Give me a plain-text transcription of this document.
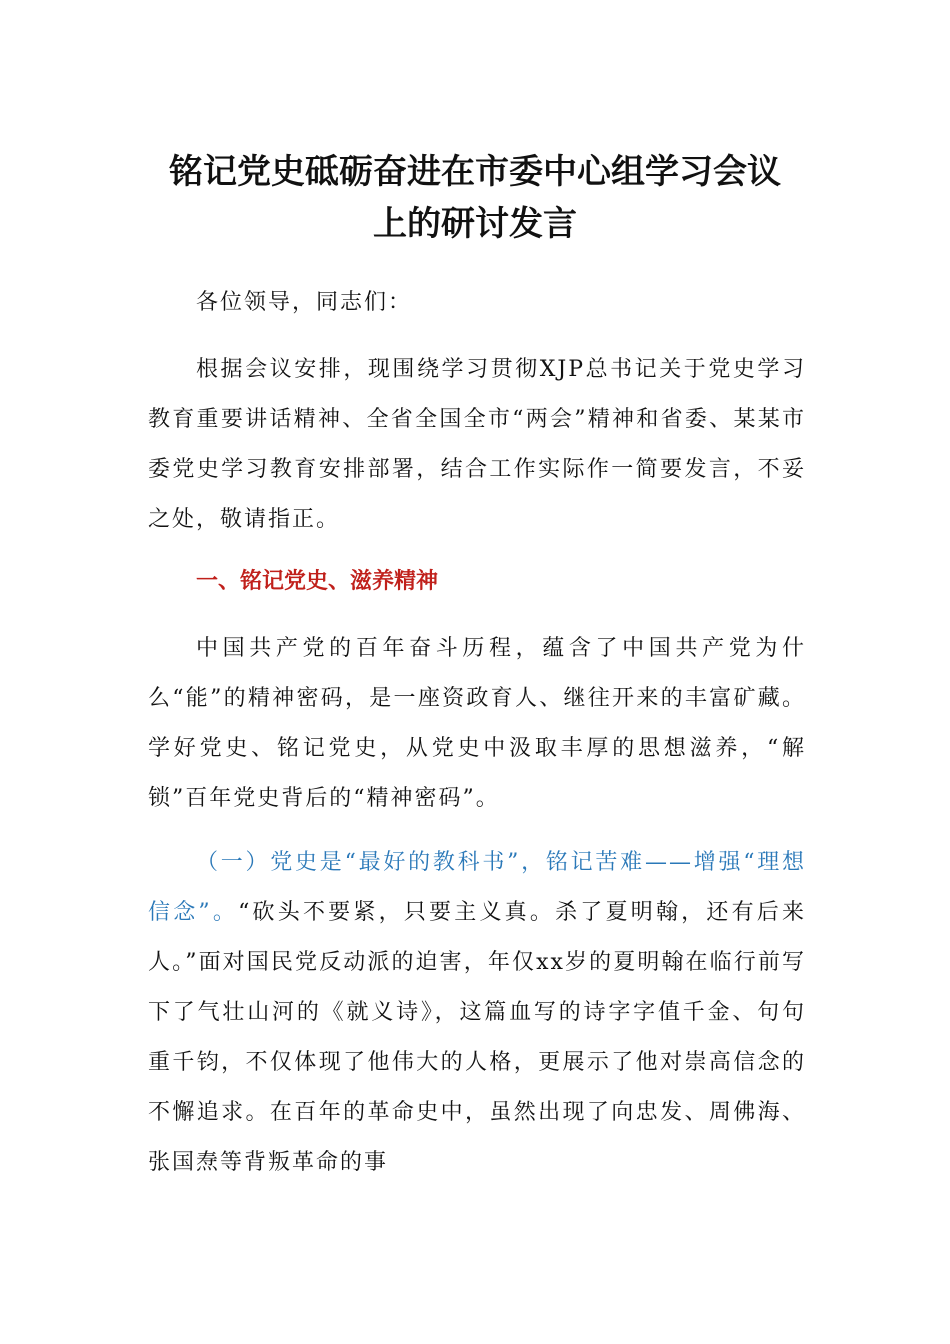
铭记党史砥砺奋进在市委中心组学习会议
上的研讨发言
各位领导，同志们：

根据会议安排，现围绕学习贯彻XJP总书记关于党史学习教育重要讲话精神、全省全国全市“两会”精神和省委、某某市委党史学习教育安排部署，结合工作实际作一简要发言，不妥之处，敬请指正。

一、铭记党史、滋养精神

中国共产党的百年奋斗历程，蕴含了中国共产党为什么“能”的精神密码，是一座资政育人、继往开来的丰富矿藏。学好党史、铭记党史，从党史中汲取丰厚的思想滋养，“解锁”百年党史背后的“精神密码”。

（一）党史是“最好的教科书”，铭记苦难——增强“理想信念”。“砍头不要紧，只要主义真。杀了夏明翰，还有后来人。”面对国民党反动派的迫害，年仅xx岁的夏明翰在临行前写下了气壮山河的《就义诗》，这篇血写的诗字字值千金、句句重千钧，不仅体现了他伟大的人格，更展示了他对崇高信念的不懈追求。在百年的革命史中，虽然出现了向忠发、周佛海、张国焘等背叛革命的事
